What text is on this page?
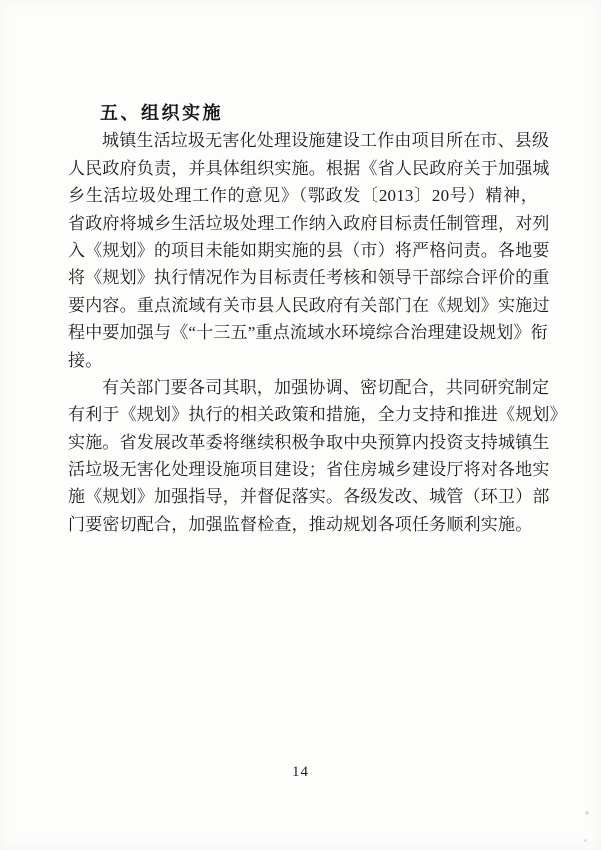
五、组织实施
城镇生活垃圾无害化处理设施建设工作由项目所在市、县级
人民政府负责，并具体组织实施。根据《省人民政府关于加强城
乡生活垃圾处理工作的意见》（鄂政发〔2013〕20号）精神，
省政府将城乡生活垃圾处理工作纳入政府目标责任制管理，对列
入《规划》的项目未能如期实施的县（市）将严格问责。各地要
将《规划》执行情况作为目标责任考核和领导干部综合评价的重
要内容。重点流域有关市县人民政府有关部门在《规划》实施过
程中要加强与《“十三五”重点流域水环境综合治理建设规划》衔
接。
有关部门要各司其职，加强协调、密切配合，共同研究制定
有利于《规划》执行的相关政策和措施，全力支持和推进《规划》
实施。省发展改革委将继续积极争取中央预算内投资支持城镇生
活垃圾无害化处理设施项目建设；省住房城乡建设厅将对各地实
施《规划》加强指导，并督促落实。各级发改、城管（环卫）部
门要密切配合，加强监督检查，推动规划各项任务顺利实施。
14
